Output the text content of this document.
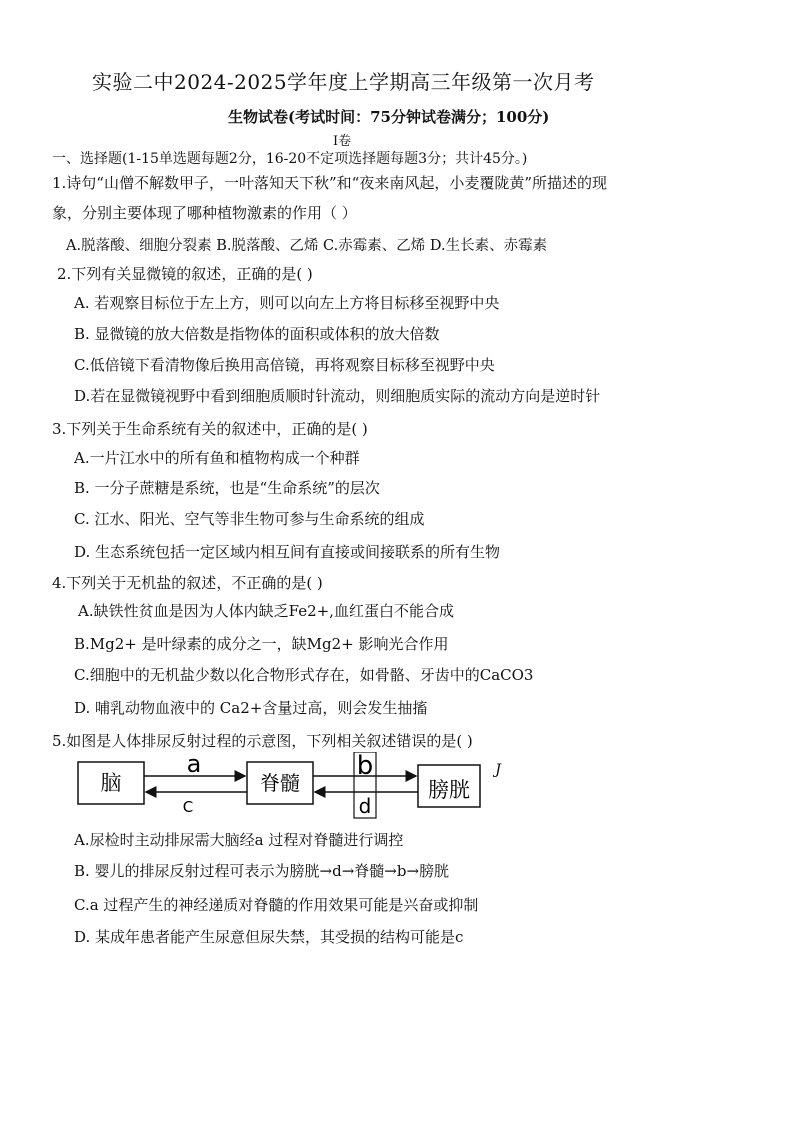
实验二中2024-2025学年度上学期高三年级第一次月考
生物试卷(考试时间：75分钟试卷满分；100分)
I卷
一、选择题(1-15单选题每题2分，16-20不定项选择题每题3分；共计45分。)
1.诗句“山僧不解数甲子，一叶落知天下秋”和“夜来南风起，小麦覆陇黄”所描述的现
象，分别主要体现了哪种植物激素的作用（ ）
A.脱落酸、细胞分裂素 B.脱落酸、乙烯 C.赤霉素、乙烯 D.生长素、赤霉素
2.下列有关显微镜的叙述，正确的是( )
A. 若观察目标位于左上方，则可以向左上方将目标移至视野中央
B. 显微镜的放大倍数是指物体的面积或体积的放大倍数
C.低倍镜下看清物像后换用高倍镜，再将观察目标移至视野中央
D.若在显微镜视野中看到细胞质顺时针流动，则细胞质实际的流动方向是逆时针
3.下列关于生命系统有关的叙述中，正确的是( )
A.一片江水中的所有鱼和植物构成一个种群
B. 一分子蔗糖是系统，也是“生命系统”的层次
C. 江水、阳光、空气等非生物可参与生命系统的组成
D. 生态系统包括一定区域内相互间有直接或间接联系的所有生物
4.下列关于无机盐的叙述，不正确的是( )
A.缺铁性贫血是因为人体内缺乏Fe2+,血红蛋白不能合成
B.Mg2+ 是叶绿素的成分之一，缺Mg2+ 影响光合作用
C.细胞中的无机盐少数以化合物形式存在，如骨骼、牙齿中的CaCO3
D. 哺乳动物血液中的 Ca2+含量过高，则会发生抽搐
5.如图是人体排尿反射过程的示意图，下列相关叙述错误的是( )
脑	脊髓	膀胱
a
C
b
d
J
A.尿检时主动排尿需大脑经a 过程对脊髓进行调控
B. 婴儿的排尿反射过程可表示为膀胱→d→脊髓→b→膀胱
C.a 过程产生的神经递质对脊髓的作用效果可能是兴奋或抑制
D. 某成年患者能产生尿意但尿失禁，其受损的结构可能是c
